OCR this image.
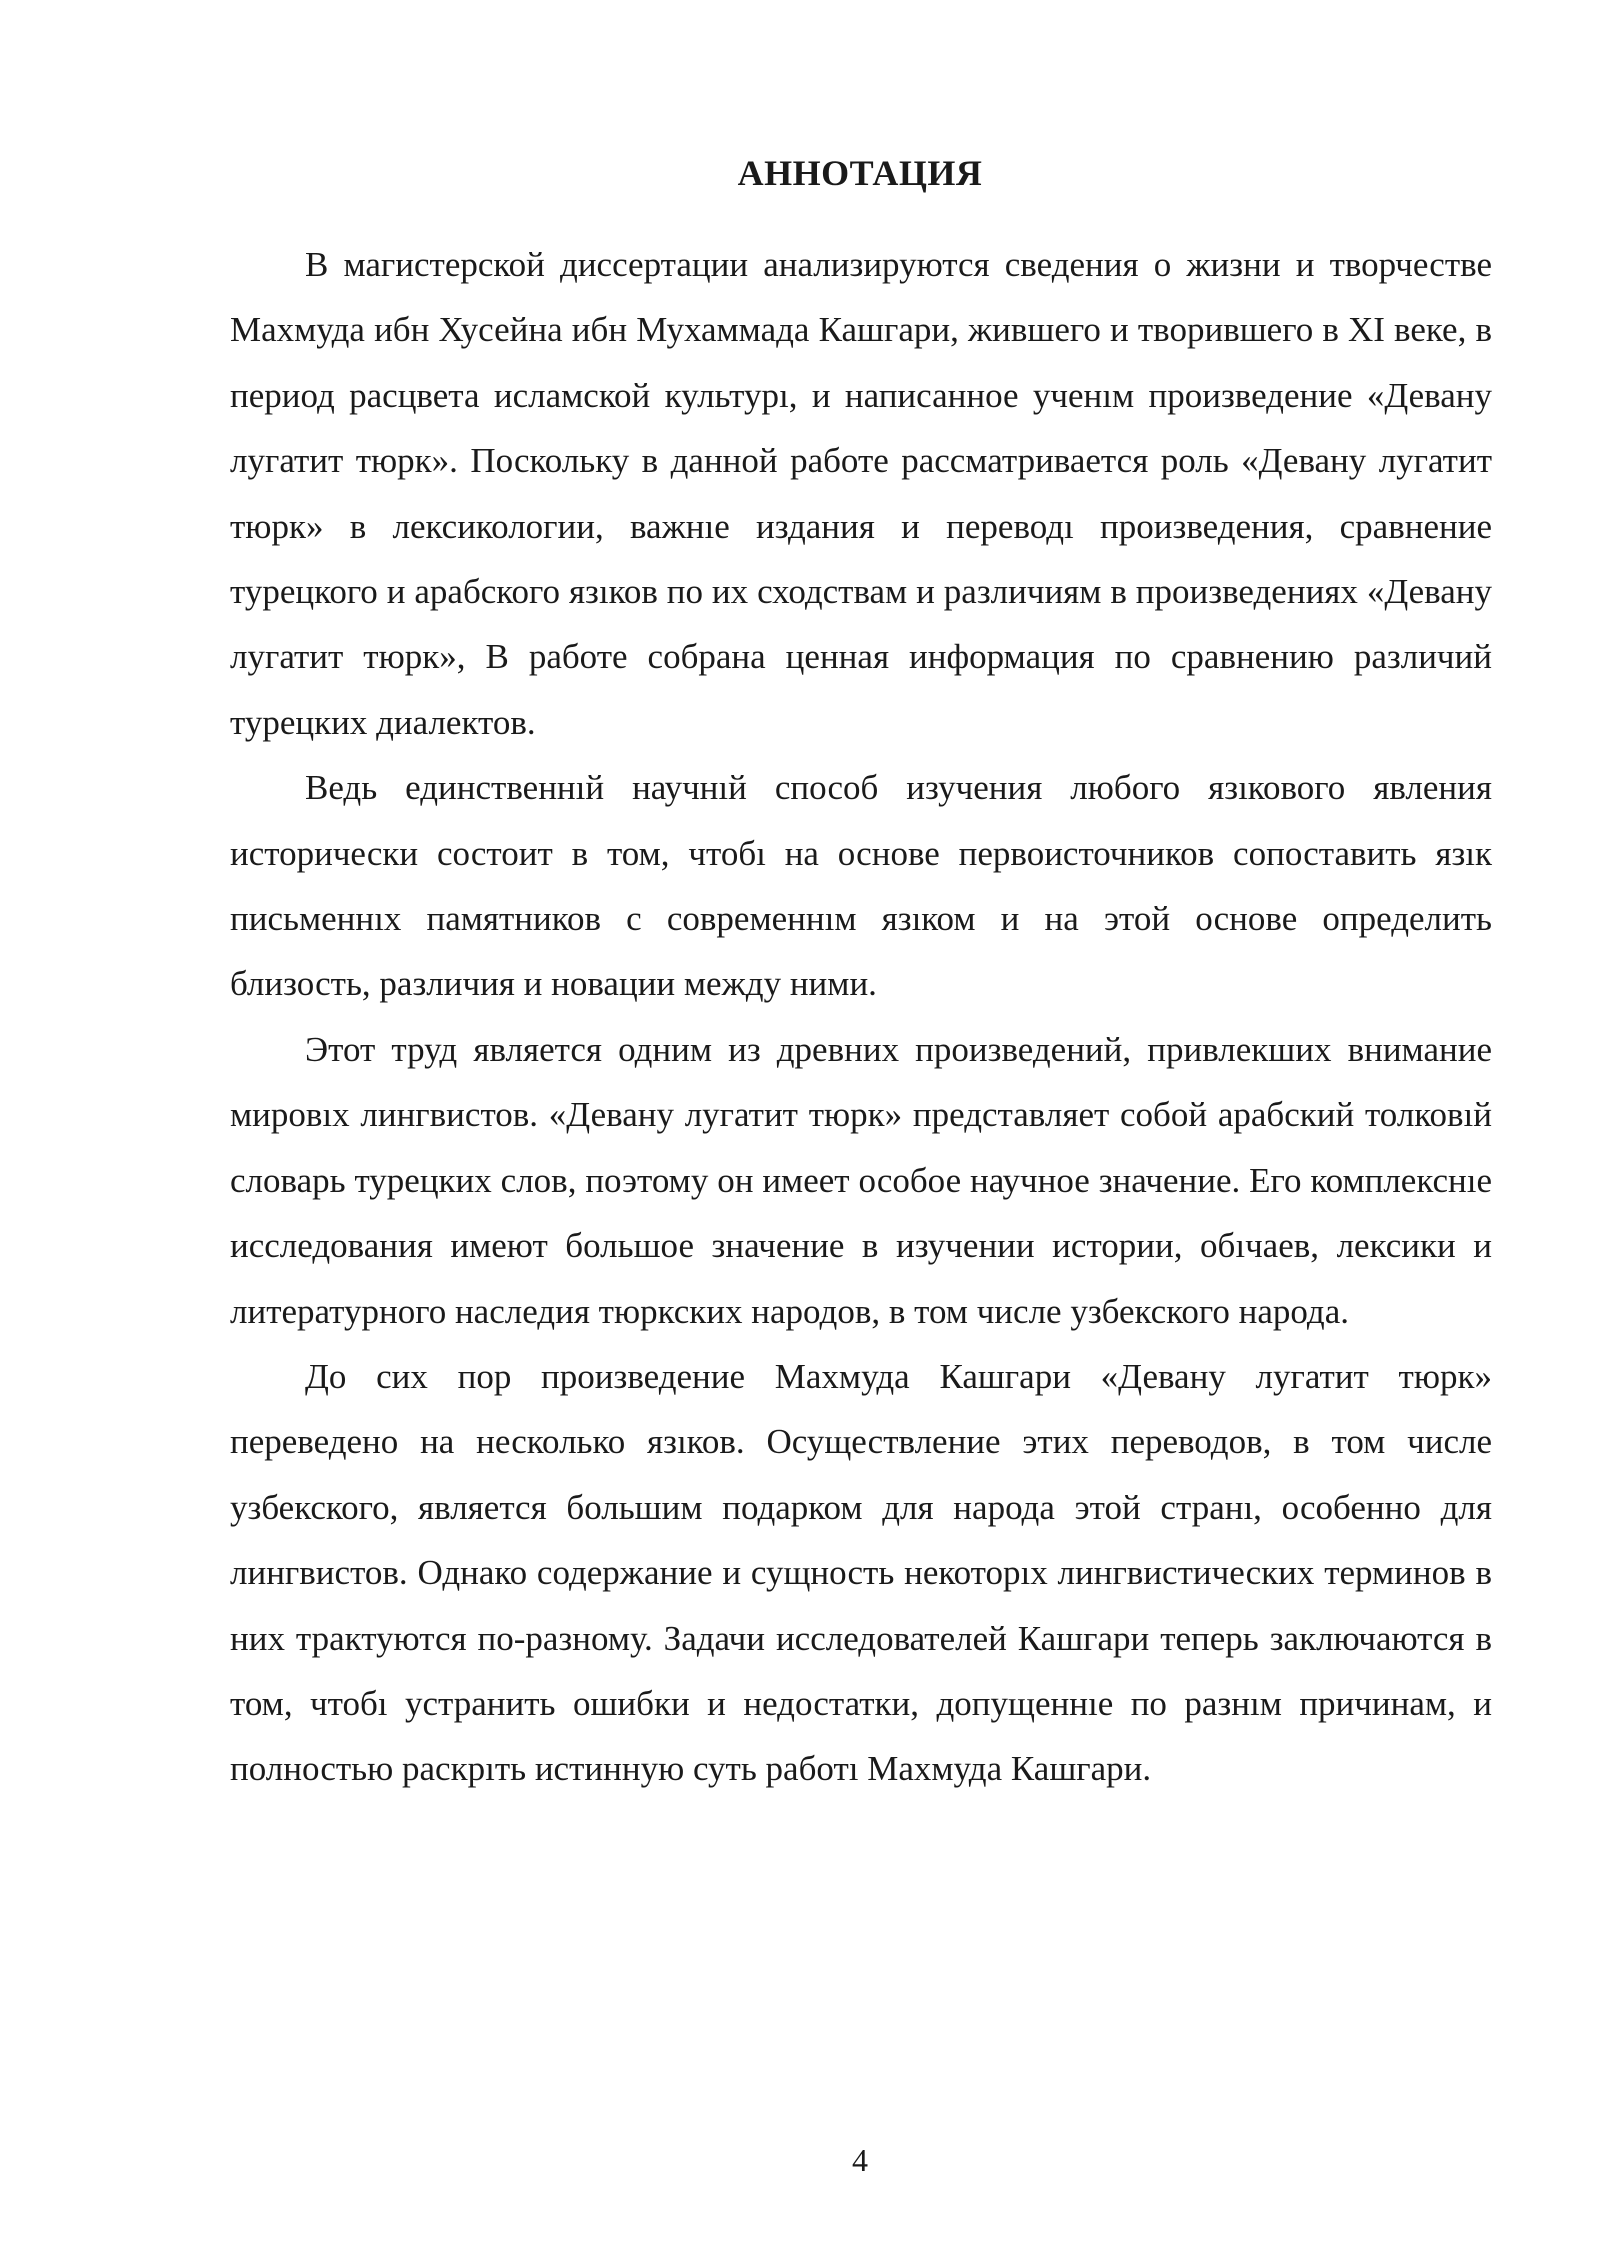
АННОТАЦИЯ

В магистерской диссертации анализируются сведения о жизни и творчестве Махмуда ибн Хусейна ибн Мухаммада Кашгари, жившего и творившего в XI веке, в период расцвета исламской культурı, и написанное ученıм произведение «Девану лугатит тюрк». Поскольку в данной работе рассматривается роль «Девану лугатит тюрк» в лексикологии, важнıе издания и переводı произведения, сравнение турецкого и арабского язıков по их сходствам и различиям в произведениях «Девану лугатит тюрк», В работе собрана ценная информация по сравнению различий турецких диалектов.

Ведь единственнıй научнıй способ изучения любого язıкового явления исторически состоит в том, чтобı на основе первоисточников сопоставить язıк письменнıх памятников с современнıм язıком и на этой основе определить близость, различия и новации между ними.

Этот труд является одним из древних произведений, привлекших внимание мировıх лингвистов. «Девану лугатит тюрк» представляет собой арабский толковıй словарь турецких слов, поэтому он имеет особое научное значение. Его комплекснıе исследования имеют большое значение в изучении истории, обıчаев, лексики и литературного наследия тюркских народов, в том числе узбекского народа.

До сих пор произведение Махмуда Кашгари «Девану лугатит тюрк» переведено на несколько язıков. Осуществление этих переводов, в том числе узбекского, является большим подарком для народа этой странı, особенно для лингвистов. Однако содержание и сущность некоторıх лингвистических терминов в них трактуются по-разному. Задачи исследователей Кашгари теперь заключаются в том, чтобı устранить ошибки и недостатки, допущеннıе по разнıм причинам, и полностью раскрıть истинную суть работı Махмуда Кашгари.

4
